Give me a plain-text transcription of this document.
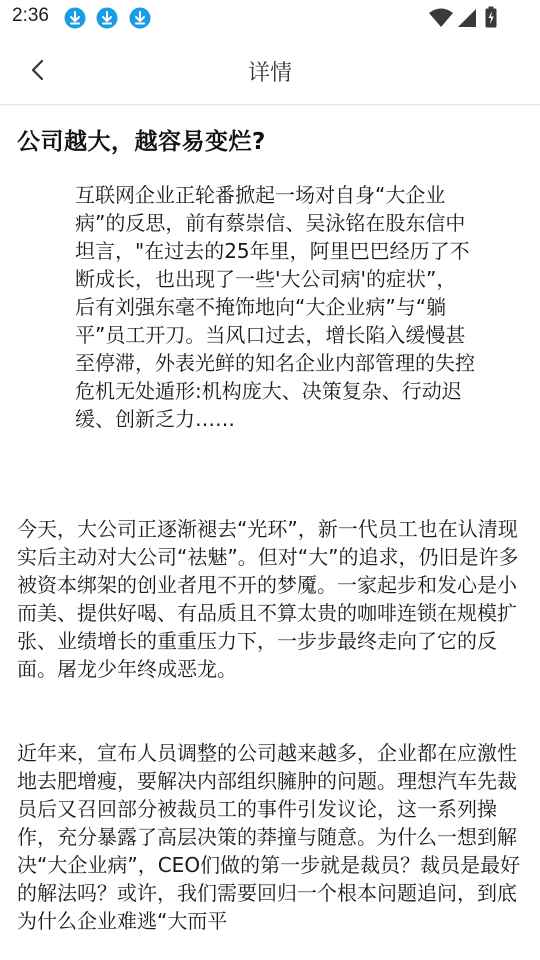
2:36
详情
公司越大，越容易变烂?
互联网企业正轮番掀起一场对自身“大企业病”的反思，前有蔡崇信、吴泳铭在股东信中坦言，"在过去的25年里，阿里巴巴经历了不断成长，也出现了一些'大公司病'的症状”，后有刘强东毫不掩饰地向“大企业病”与“躺平”员工开刀。当风口过去，增长陷入缓慢甚至停滞，外表光鲜的知名企业内部管理的失控危机无处遁形:机构庞大、决策复杂、行动迟缓、创新乏力……
今天，大公司正逐渐褪去“光环”，新一代员工也在认清现实后主动对大公司“祛魅”。但对“大”的追求，仍旧是许多被资本绑架的创业者甩不开的梦魇。一家起步和发心是小而美、提供好喝、有品质且不算太贵的咖啡连锁在规模扩张、业绩增长的重重压力下，一步步最终走向了它的反面。屠龙少年终成恶龙。
近年来，宣布人员调整的公司越来越多，企业都在应激性地去肥增瘦，要解决内部组织臃肿的问题。理想汽车先裁员后又召回部分被裁员工的事件引发议论，这一系列操作，充分暴露了高层决策的莽撞与随意。为什么一想到解决“大企业病”，CEO们做的第一步就是裁员？裁员是最好的解法吗？或许，我们需要回归一个根本问题追问，到底为什么企业难逃“大而平
